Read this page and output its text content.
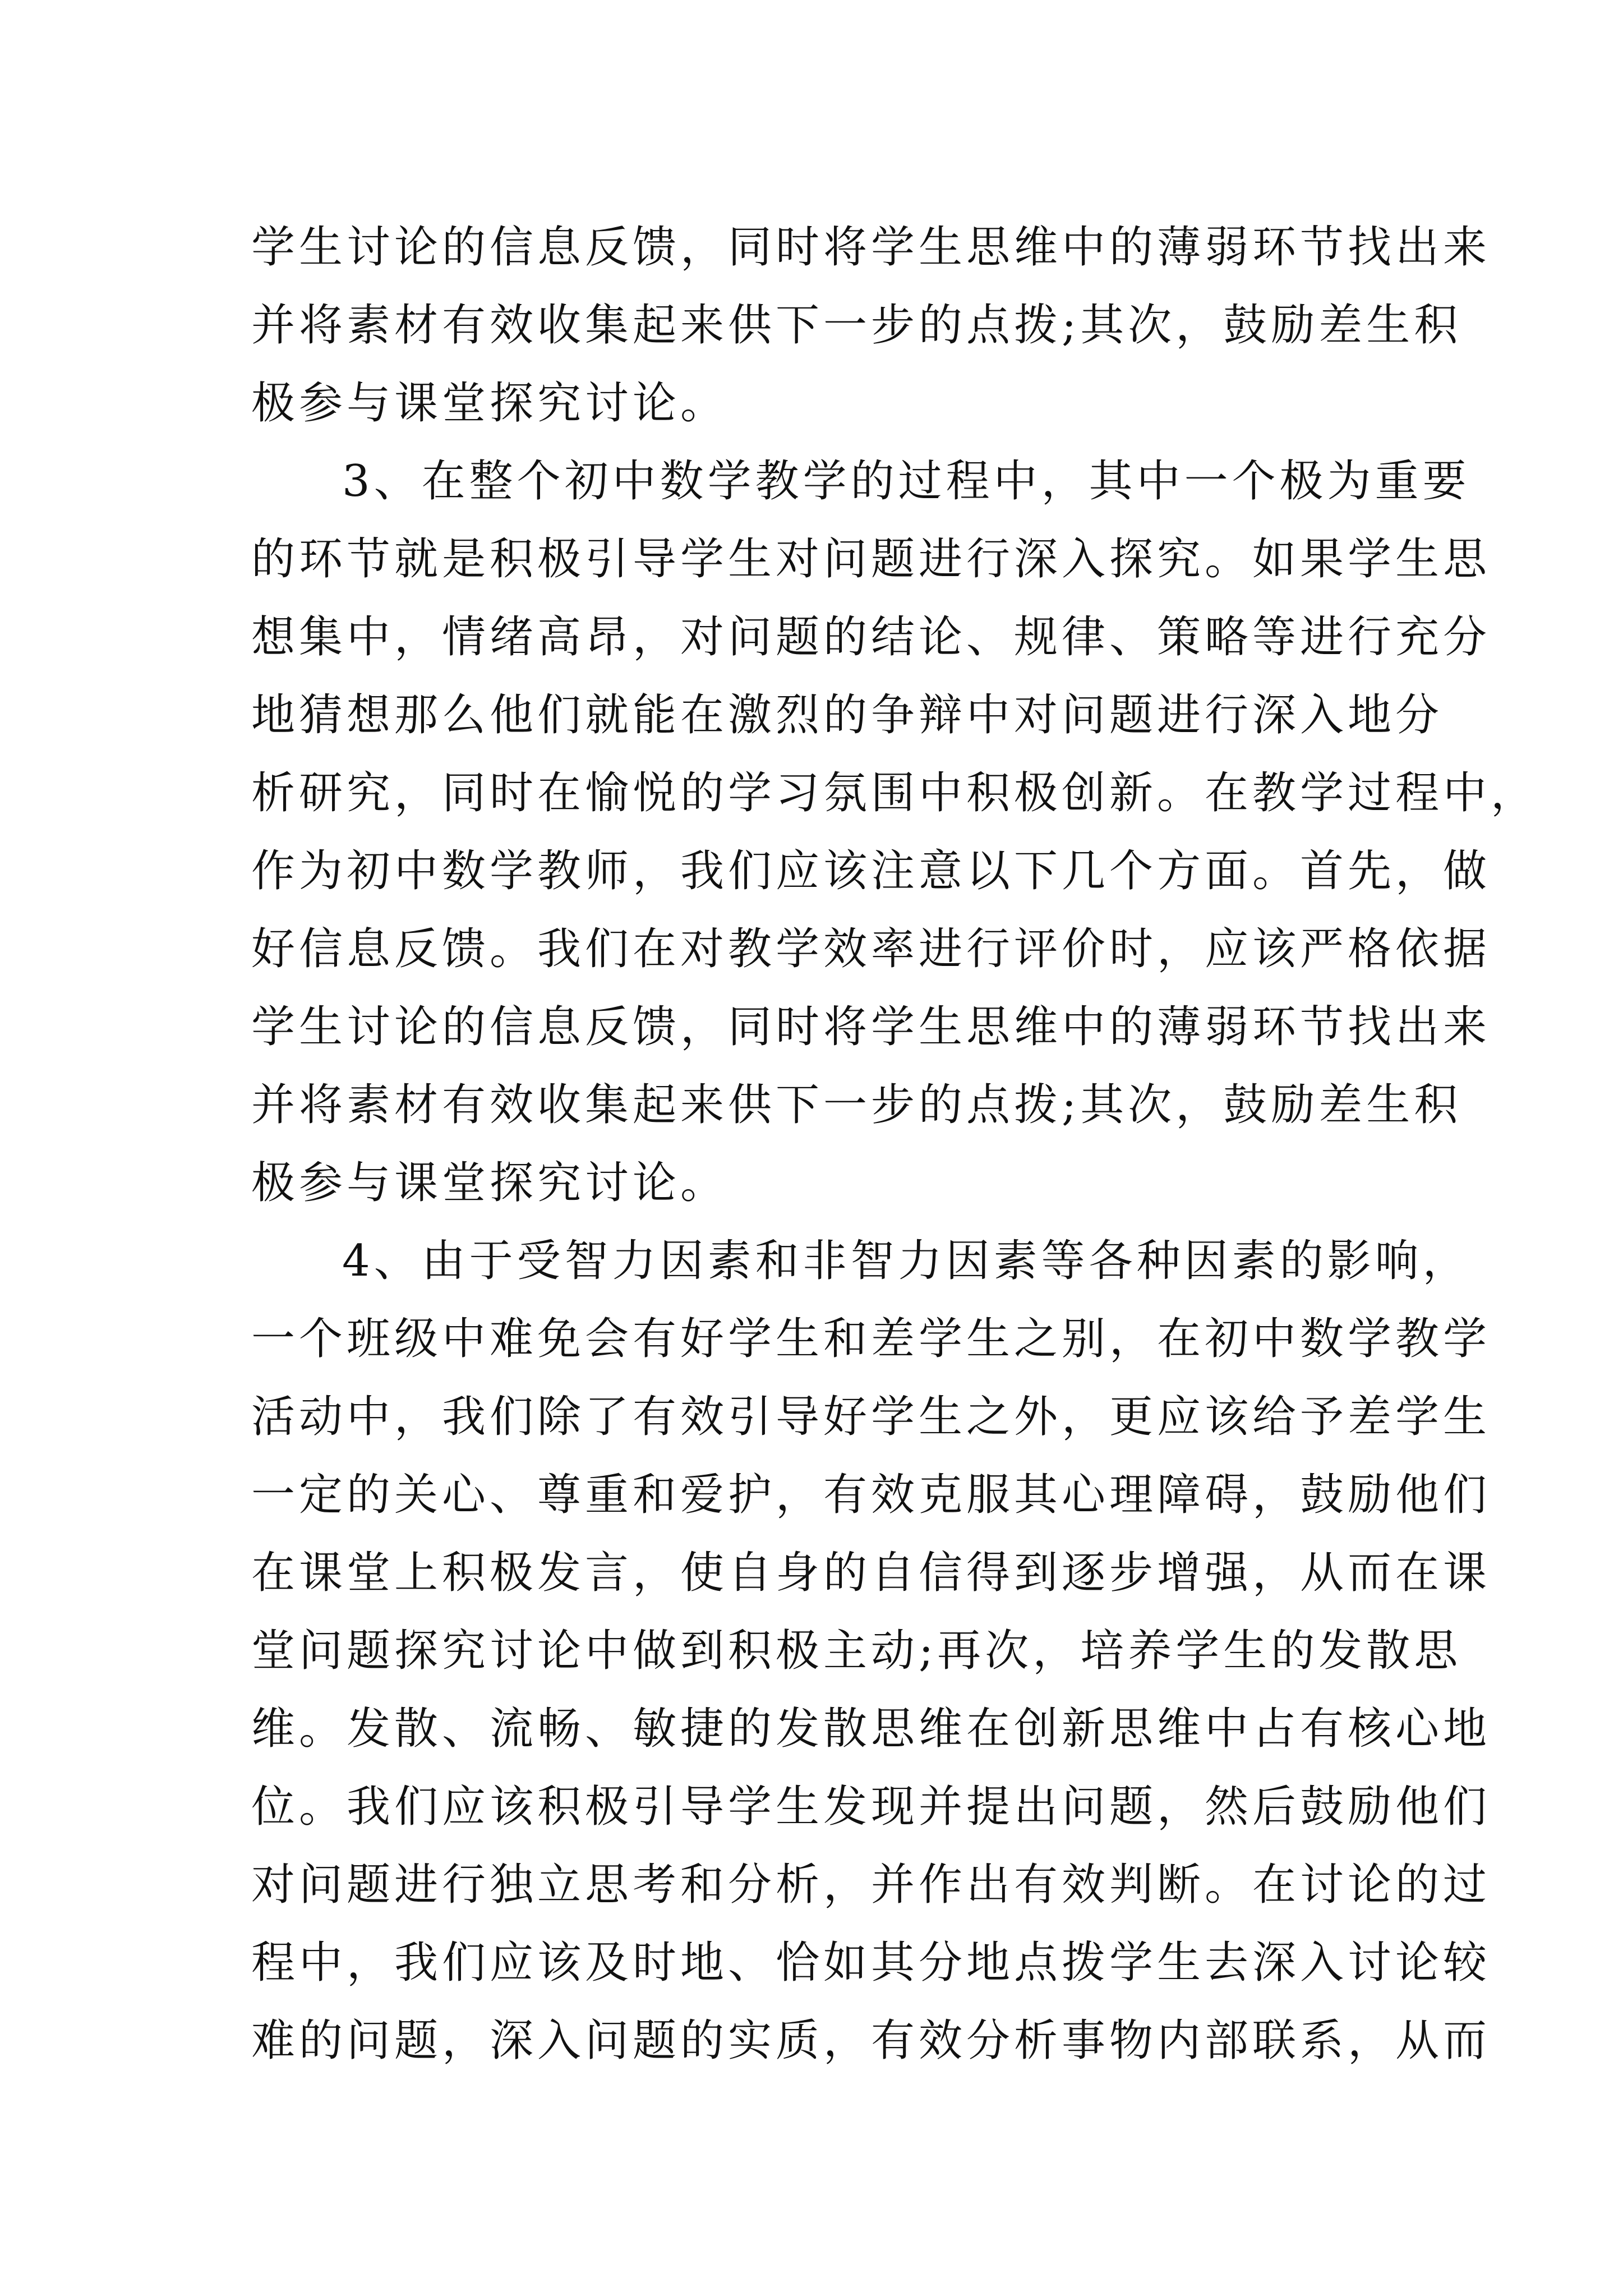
学生讨论的信息反馈，同时将学生思维中的薄弱环节找出来
并将素材有效收集起来供下一步的点拨;其次，鼓励差生积
极参与课堂探究讨论。
3、在整个初中数学教学的过程中，其中一个极为重要
的环节就是积极引导学生对问题进行深入探究。如果学生思
想集中，情绪高昂，对问题的结论、规律、策略等进行充分
地猜想那么他们就能在激烈的争辩中对问题进行深入地分
析研究，同时在愉悦的学习氛围中积极创新。在教学过程中，
作为初中数学教师，我们应该注意以下几个方面。首先，做
好信息反馈。我们在对教学效率进行评价时，应该严格依据
学生讨论的信息反馈，同时将学生思维中的薄弱环节找出来
并将素材有效收集起来供下一步的点拨;其次，鼓励差生积
极参与课堂探究讨论。
4、由于受智力因素和非智力因素等各种因素的影响，
一个班级中难免会有好学生和差学生之别，在初中数学教学
活动中，我们除了有效引导好学生之外，更应该给予差学生
一定的关心、尊重和爱护，有效克服其心理障碍，鼓励他们
在课堂上积极发言，使自身的自信得到逐步增强，从而在课
堂问题探究讨论中做到积极主动;再次，培养学生的发散思
维。发散、流畅、敏捷的发散思维在创新思维中占有核心地
位。我们应该积极引导学生发现并提出问题，然后鼓励他们
对问题进行独立思考和分析，并作出有效判断。在讨论的过
程中，我们应该及时地、恰如其分地点拨学生去深入讨论较
难的问题，深入问题的实质，有效分析事物内部联系，从而
